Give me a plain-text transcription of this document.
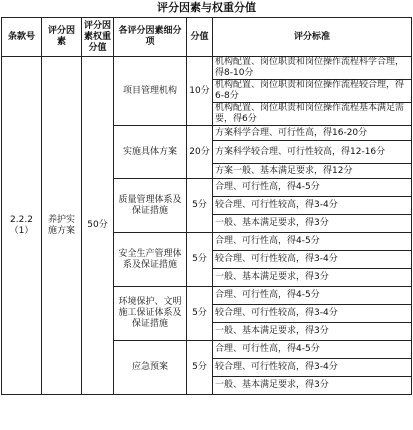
评分因素与权重分值
条款号	评分因素	评分因素权重分值	各评分因素细分项	分值	评分标准
2.2.2（1）	养护实施方案	50分	项目管理机构	10分	机构配置、岗位职责和岗位操作流程科学合理，得8-10分
					机构配置、岗位职责和岗位操作流程较合理，得6-8分
					机构配置、岗位职责和岗位操作流程基本满足需要，得6分
			实施具体方案	20分	方案科学合理、可行性高，得16-20分
					方案科学较合理、可行性较高，得12-16分
					方案一般、基本满足要求，得12分
			质量管理体系及保证措施	5分	合理、可行性高，得4-5分
					较合理、可行性较高，得3-4分
					一般、基本满足要求，得3分
			安全生产管理体系及保证措施	5分	合理、可行性高，得4-5分
					较合理、可行性较高，得3-4分
					一般、基本满足要求，得3分
			环境保护、文明施工保证体系及保证措施	5分	合理、可行性高，得4-5分
					较合理、可行性较高，得3-4分
					一般、基本满足要求，得3分
			应急预案	5分	合理、可行性高，得4-5分
					较合理、可行性较高，得3-4分
					一般、基本满足要求，得3分
